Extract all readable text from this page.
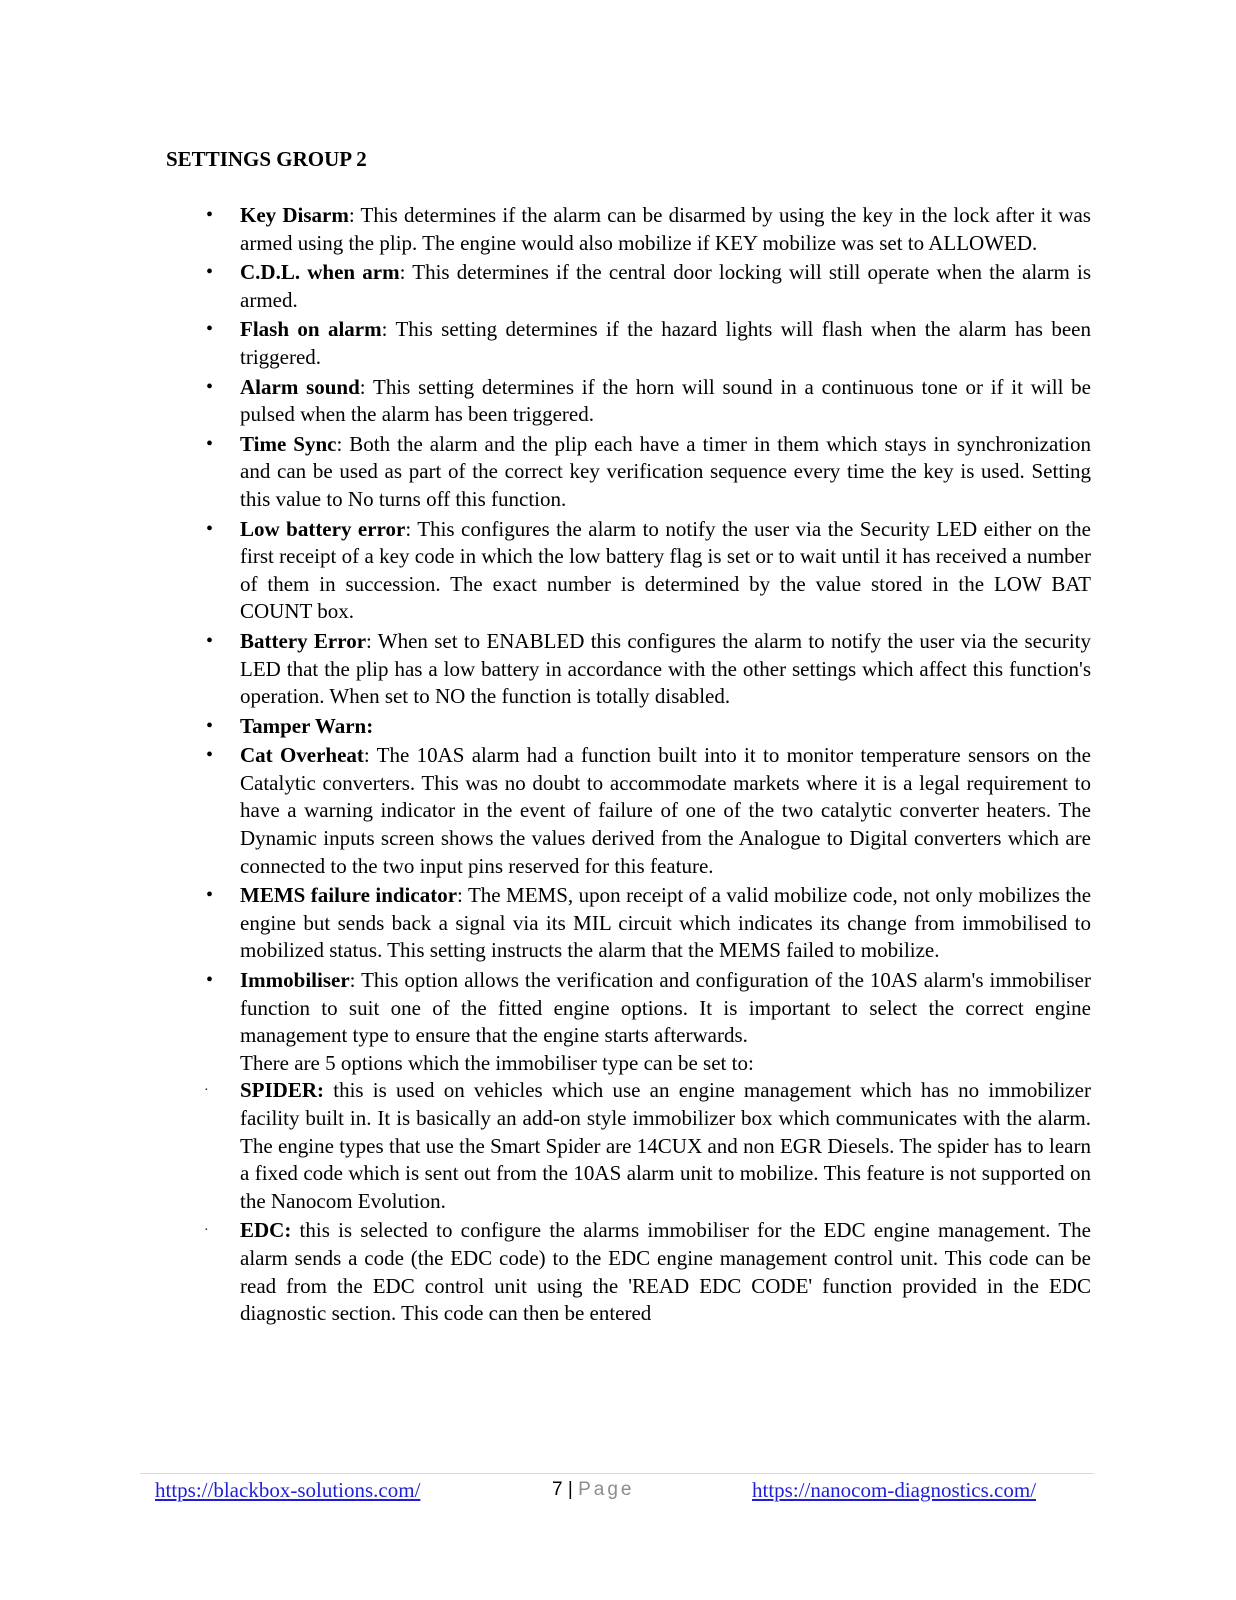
SETTINGS GROUP 2
• Key Disarm: This determines if the alarm can be disarmed by using the key in the lock after it was armed using the plip. The engine would also mobilize if KEY mobilize was set to ALLOWED.
• C.D.L. when arm: This determines if the central door locking will still operate when the alarm is armed.
• Flash on alarm: This setting determines if the hazard lights will flash when the alarm has been triggered.
• Alarm sound: This setting determines if the horn will sound in a continuous tone or if it will be pulsed when the alarm has been triggered.
• Time Sync: Both the alarm and the plip each have a timer in them which stays in synchronization and can be used as part of the correct key verification sequence every time the key is used. Setting this value to No turns off this function.
• Low battery error: This configures the alarm to notify the user via the Security LED either on the first receipt of a key code in which the low battery flag is set or to wait until it has received a number of them in succession. The exact number is determined by the value stored in the LOW BAT COUNT box.
• Battery Error: When set to ENABLED this configures the alarm to notify the user via the security LED that the plip has a low battery in accordance with the other settings which affect this function's operation. When set to NO the function is totally disabled.
• Tamper Warn:
• Cat Overheat: The 10AS alarm had a function built into it to monitor temperature sensors on the Catalytic converters. This was no doubt to accommodate markets where it is a legal requirement to have a warning indicator in the event of failure of one of the two catalytic converter heaters. The Dynamic inputs screen shows the values derived from the Analogue to Digital converters which are connected to the two input pins reserved for this feature.
• MEMS failure indicator: The MEMS, upon receipt of a valid mobilize code, not only mobilizes the engine but sends back a signal via its MIL circuit which indicates its change from immobilised to mobilized status. This setting instructs the alarm that the MEMS failed to mobilize.
• Immobiliser: This option allows the verification and configuration of the 10AS alarm's immobiliser function to suit one of the fitted engine options. It is important to select the correct engine management type to ensure that the engine starts afterwards.
There are 5 options which the immobiliser type can be set to:
· SPIDER: this is used on vehicles which use an engine management which has no immobilizer facility built in. It is basically an add-on style immobilizer box which communicates with the alarm. The engine types that use the Smart Spider are 14CUX and non EGR Diesels. The spider has to learn a fixed code which is sent out from the 10AS alarm unit to mobilize. This feature is not supported on the Nanocom Evolution.
· EDC: this is selected to configure the alarms immobiliser for the EDC engine management. The alarm sends a code (the EDC code) to the EDC engine management control unit. This code can be read from the EDC control unit using the 'READ EDC CODE' function provided in the EDC diagnostic section. This code can then be entered
https://blackbox-solutions.com/	7 | Page	https://nanocom-diagnostics.com/
